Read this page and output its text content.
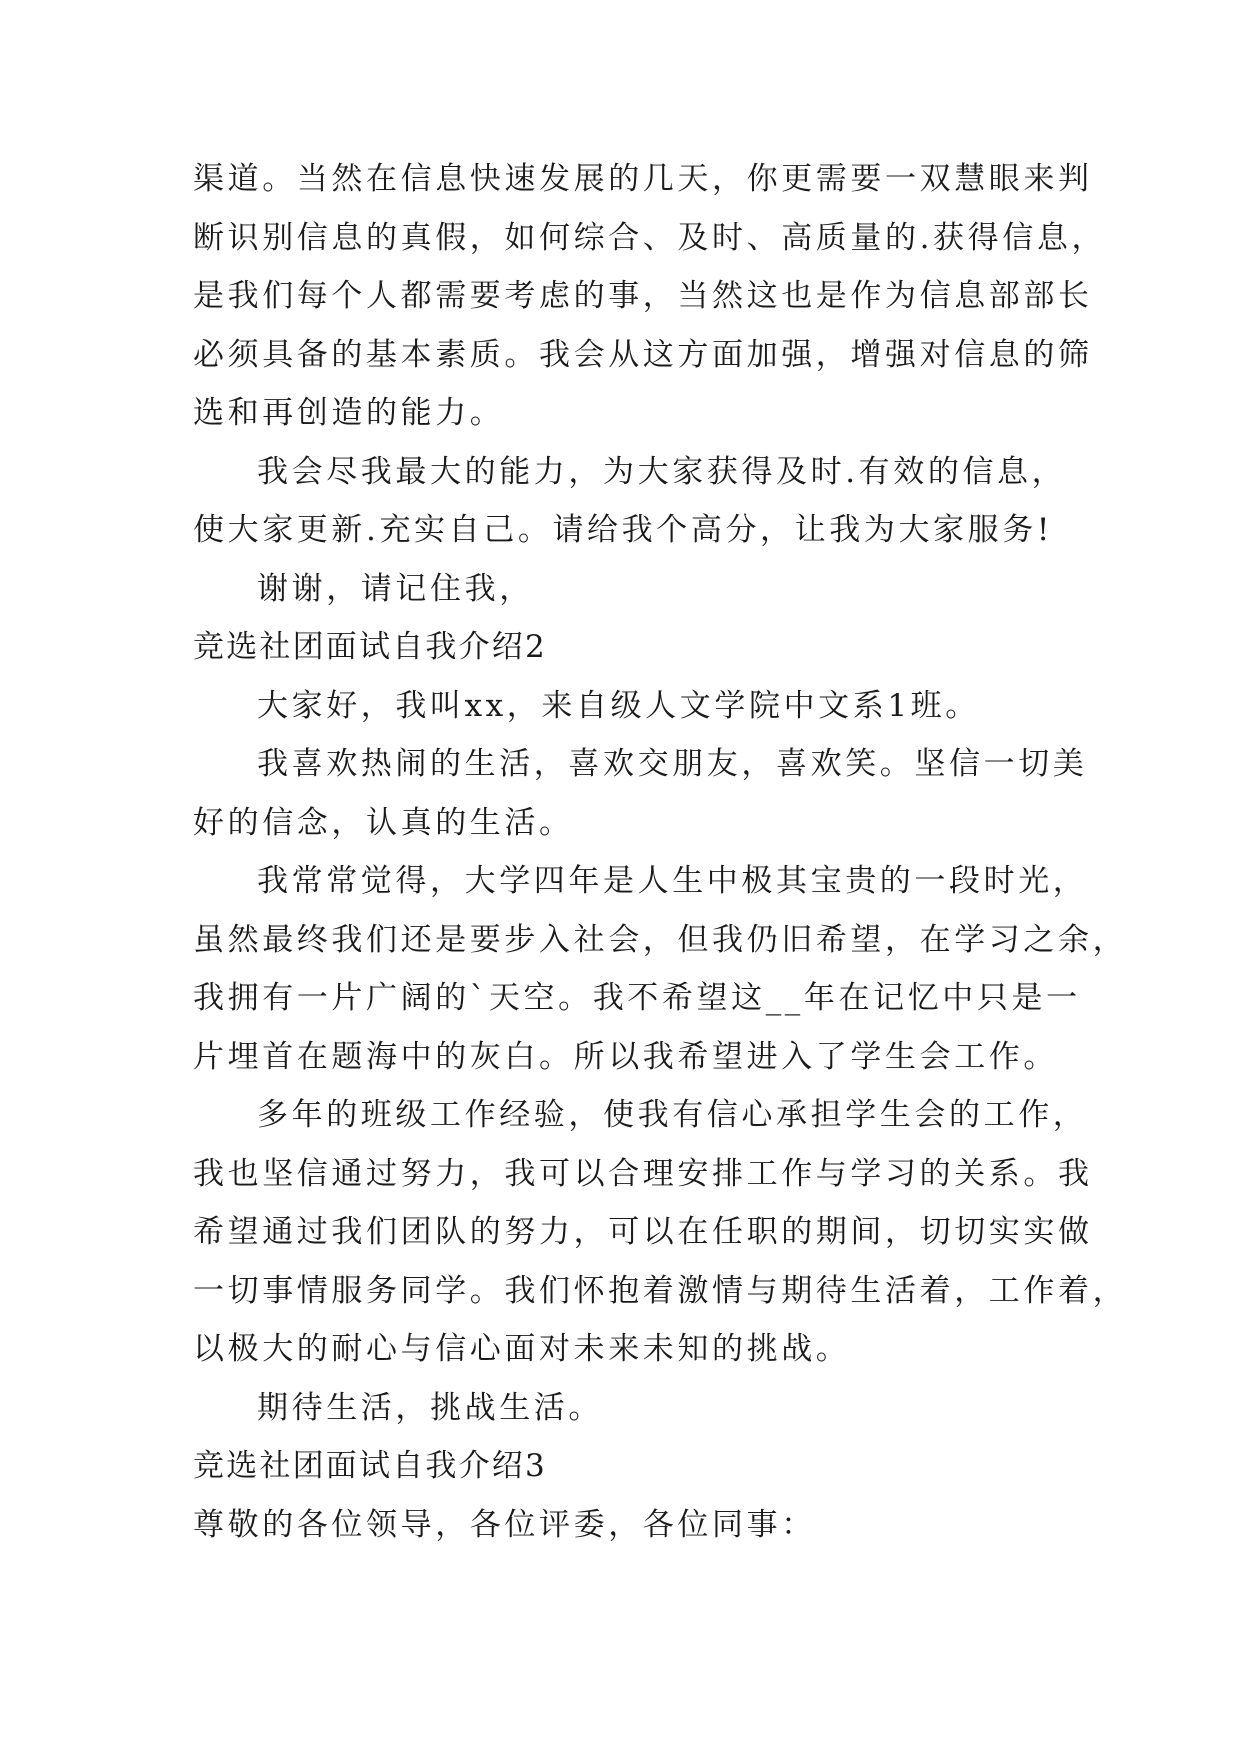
渠道。当然在信息快速发展的几天，你更需要一双慧眼来判
断识别信息的真假，如何综合、及时、高质量的.获得信息，
是我们每个人都需要考虑的事，当然这也是作为信息部部长
必须具备的基本素质。我会从这方面加强，增强对信息的筛
选和再创造的能力。
我会尽我最大的能力，为大家获得及时.有效的信息，
使大家更新.充实自己。请给我个高分，让我为大家服务!
谢谢，请记住我，
竞选社团面试自我介绍2
大家好，我叫xx，来自级人文学院中文系1班。
我喜欢热闹的生活，喜欢交朋友，喜欢笑。坚信一切美
好的信念，认真的生活。
我常常觉得，大学四年是人生中极其宝贵的一段时光，
虽然最终我们还是要步入社会，但我仍旧希望，在学习之余，
我拥有一片广阔的`天空。我不希望这__年在记忆中只是一
片埋首在题海中的灰白。所以我希望进入了学生会工作。
多年的班级工作经验，使我有信心承担学生会的工作，
我也坚信通过努力，我可以合理安排工作与学习的关系。我
希望通过我们团队的努力，可以在任职的期间，切切实实做
一切事情服务同学。我们怀抱着激情与期待生活着，工作着，
以极大的耐心与信心面对未来未知的挑战。
期待生活，挑战生活。
竞选社团面试自我介绍3
尊敬的各位领导，各位评委，各位同事：
